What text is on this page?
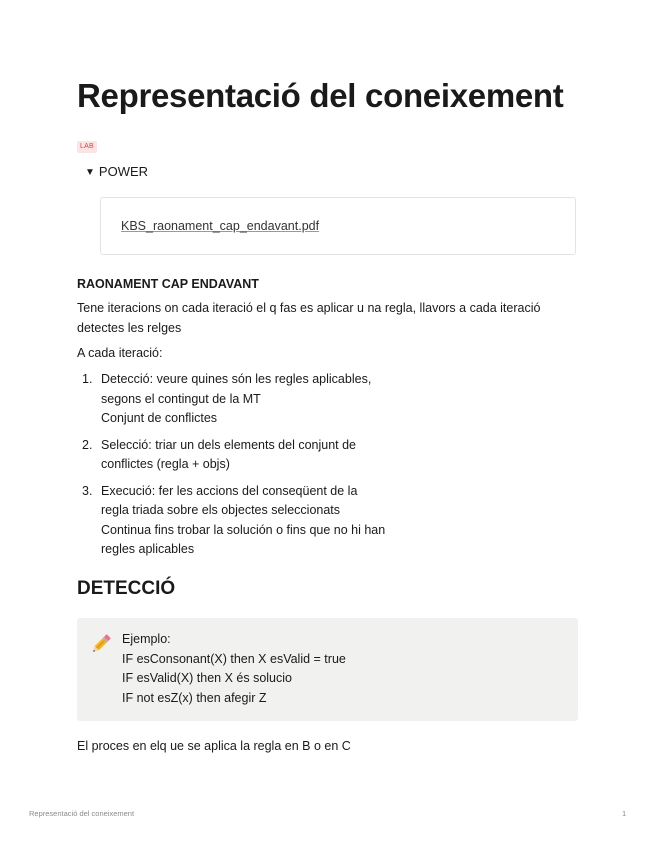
Representació del coneixement
LAB
▼ POWER
KBS_raonament_cap_endavant.pdf
RAONAMENT CAP ENDAVANT

Tene iteracions on cada iteració el q fas es aplicar u na regla, llavors a cada iteració detectes les relges

A cada iteració:

1. Detecció: veure quines són les regles aplicables,
segons el contingut de la MT
Conjunt de conflictes
2. Selecció: triar un dels elements del conjunt de
conflictes (regla + objs)
3. Execució: fer les accions del conseqüent de la
regla triada sobre els objectes seleccionats
Continua fins trobar la solución o fins que no hi han
regles aplicables
DETECCIÓ
Ejemplo:
IF esConsonant(X) then X esValid = true
IF esValid(X) then X és solucio
IF not esZ(x) then afegir Z

El proces en elq ue se aplica la regla en B o en C

Representació del coneixement	1
